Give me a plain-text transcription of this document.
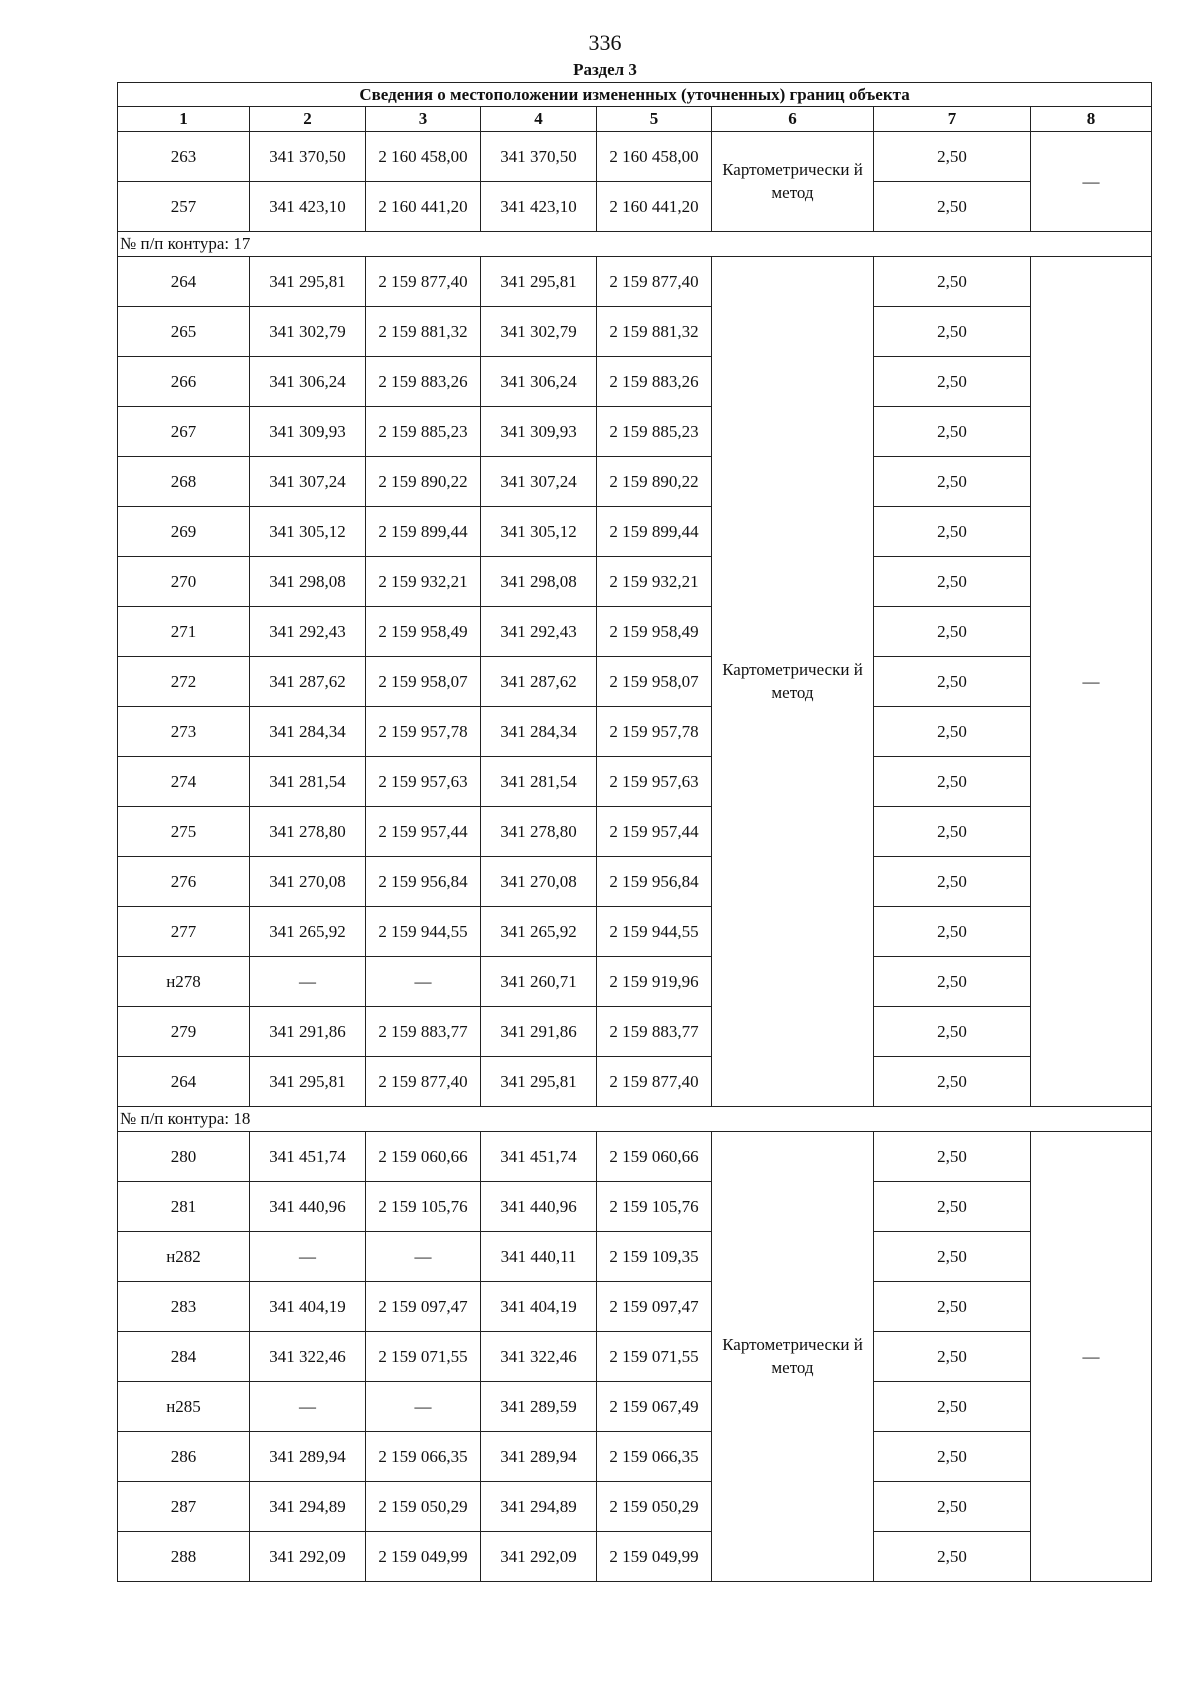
336
Раздел 3
Сведения о местоположении измененных (уточненных) границ объекта							
1	2	3	4	5	6	7	8
263	341 370,50	2 160 458,00	341 370,50	2 160 458,00	Картометрически й метод	2,50	—
257	341 423,10	2 160 441,20	341 423,10	2 160 441,20		2,50	
№ п/п контура: 17							
264	341 295,81	2 159 877,40	341 295,81	2 159 877,40	Картометрически й метод	2,50	—
265	341 302,79	2 159 881,32	341 302,79	2 159 881,32		2,50	
266	341 306,24	2 159 883,26	341 306,24	2 159 883,26		2,50	
267	341 309,93	2 159 885,23	341 309,93	2 159 885,23		2,50	
268	341 307,24	2 159 890,22	341 307,24	2 159 890,22		2,50	
269	341 305,12	2 159 899,44	341 305,12	2 159 899,44		2,50	
270	341 298,08	2 159 932,21	341 298,08	2 159 932,21		2,50	
271	341 292,43	2 159 958,49	341 292,43	2 159 958,49		2,50	
272	341 287,62	2 159 958,07	341 287,62	2 159 958,07		2,50	
273	341 284,34	2 159 957,78	341 284,34	2 159 957,78		2,50	
274	341 281,54	2 159 957,63	341 281,54	2 159 957,63		2,50	
275	341 278,80	2 159 957,44	341 278,80	2 159 957,44		2,50	
276	341 270,08	2 159 956,84	341 270,08	2 159 956,84		2,50	
277	341 265,92	2 159 944,55	341 265,92	2 159 944,55		2,50	
н278	—	—	341 260,71	2 159 919,96		2,50	
279	341 291,86	2 159 883,77	341 291,86	2 159 883,77		2,50	
264	341 295,81	2 159 877,40	341 295,81	2 159 877,40		2,50	
№ п/п контура: 18							
280	341 451,74	2 159 060,66	341 451,74	2 159 060,66	Картометрически й метод	2,50	—
281	341 440,96	2 159 105,76	341 440,96	2 159 105,76		2,50	
н282	—	—	341 440,11	2 159 109,35		2,50	
283	341 404,19	2 159 097,47	341 404,19	2 159 097,47		2,50	
284	341 322,46	2 159 071,55	341 322,46	2 159 071,55		2,50	
н285	—	—	341 289,59	2 159 067,49		2,50	
286	341 289,94	2 159 066,35	341 289,94	2 159 066,35		2,50	
287	341 294,89	2 159 050,29	341 294,89	2 159 050,29		2,50	
288	341 292,09	2 159 049,99	341 292,09	2 159 049,99		2,50	
